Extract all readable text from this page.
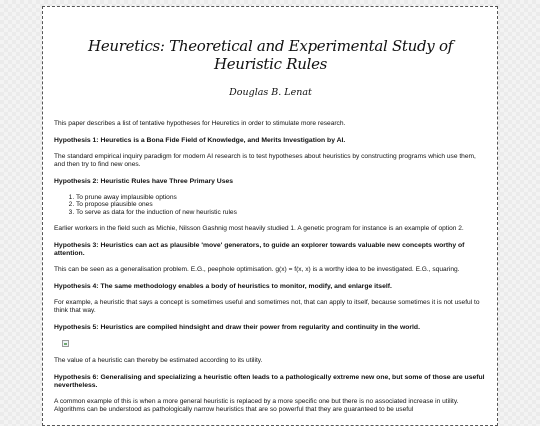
Heuretics: Theoretical and Experimental Study of Heuristic Rules
Douglas B. Lenat

This paper describes a list of tentative hypotheses for Heuretics in order to stimulate more research.

Hypothesis 1: Heuretics is a Bona Fide Field of Knowledge, and Merits Investigation by AI.

The standard empirical inquiry paradigm for modern AI research is to test hypotheses about heuristics by constructing programs which use them, and then try to find new ones.

Hypothesis 2: Heuristic Rules have Three Primary Uses
1. To prune away implausible options
2. To propose plausible ones
3. To serve as data for the induction of new heuristic rules

Earlier workers in the field such as Michie, Nilsson Gashnig most heavily studied 1. A genetic program for instance is an example of option 2.

Hypothesis 3: Heuristics can act as plausible 'move' generators, to guide an explorer towards valuable new concepts worthy of attention.

This can be seen as a generalisation problem. E.G., peephole optimisation. g(x) = f(x, x) is a worthy idea to be investigated. E.G., squaring.

Hypothesis 4: The same methodology enables a body of heuristics to monitor, modify, and enlarge itself.

For example, a heuristic that says a concept is sometimes useful and sometimes not, that can apply to itself, because sometimes it is not useful to think that way.

Hypothesis 5: Heuristics are compiled hindsight and draw their power from regularity and continuity in the world.

The value of a heuristic can thereby be estimated according to its utility.

Hypothesis 6: Generalising and specializing a heuristic often leads to a pathologically extreme new one, but some of those are useful nevertheless.

A common example of this is when a more general heuristic is replaced by a more specific one but there is no associated increase in utility. Algorithms can be understood as pathologically narrow heuristics that are so powerful that they are guaranteed to be useful
